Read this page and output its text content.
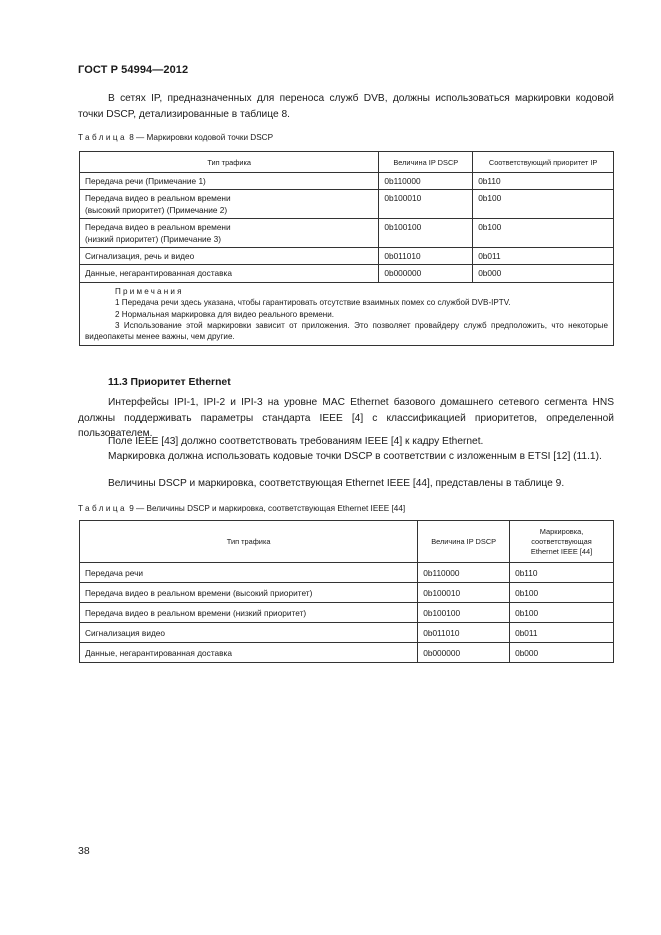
ГОСТ Р 54994—2012

В сетях IP, предназначенных для переноса служб DVB, должны использоваться маркировки кодовой точки DSCP, детализированные в таблице 8.

Таблица 8 — Маркировки кодовой точки DSCP
Тип трафика	Величина IP DSCP	Соответствующий приоритет IP
Передача речи (Примечание 1)	0b110000	0b110
Передача видео в реальном времени
(высокий приоритет) (Примечание 2)	0b100010	0b100
Передача видео в реальном времени
(низкий приоритет) (Примечание 3)	0b100100	0b100
Сигнализация, речь и видео	0b011010	0b011
Данные, негарантированная доставка	0b000000	0b000

Примечания
1 Передача речи здесь указана, чтобы гарантировать отсутствие взаимных помех со службой DVB-IPTV.
2 Нормальная маркировка для видео реального времени.
3 Использование этой маркировки зависит от приложения. Это позволяет провайдеру служб предположить, что некоторые видеопакеты менее важны, чем другие.		
11.3 Приоритет Ethernet

Интерфейсы IPI-1, IPI-2 и IPI-3 на уровне MAC Ethernet базового домашнего сетевого сегмента HNS должны поддерживать параметры стандарта IEEE [4] с классификацией приоритетов, определенной пользователем.

Поле IEEE [43] должно соответствовать требованиям IEEE [4] к кадру Ethernet.

Маркировка должна использовать кодовые точки DSCP в соответствии с изложенным в ETSI [12] (11.1).

Величины DSCP и маркировка, соответствующая Ethernet IEEE [44], представлены в таблице 9.

Таблица 9 — Величины DSCP и маркировка, соответствующая Ethernet IEEE [44]
Тип трафика	Величина IP DSCP	Маркировка,
соответствующая
Ethernet IEEE [44]
Передача речи	0b110000	0b110
Передача видео в реальном времени (высокий приоритет)	0b100010	0b100
Передача видео в реальном времени (низкий приоритет)	0b100100	0b100
Сигнализация видео	0b011010	0b011
Данные, негарантированная доставка	0b000000	0b000
38
